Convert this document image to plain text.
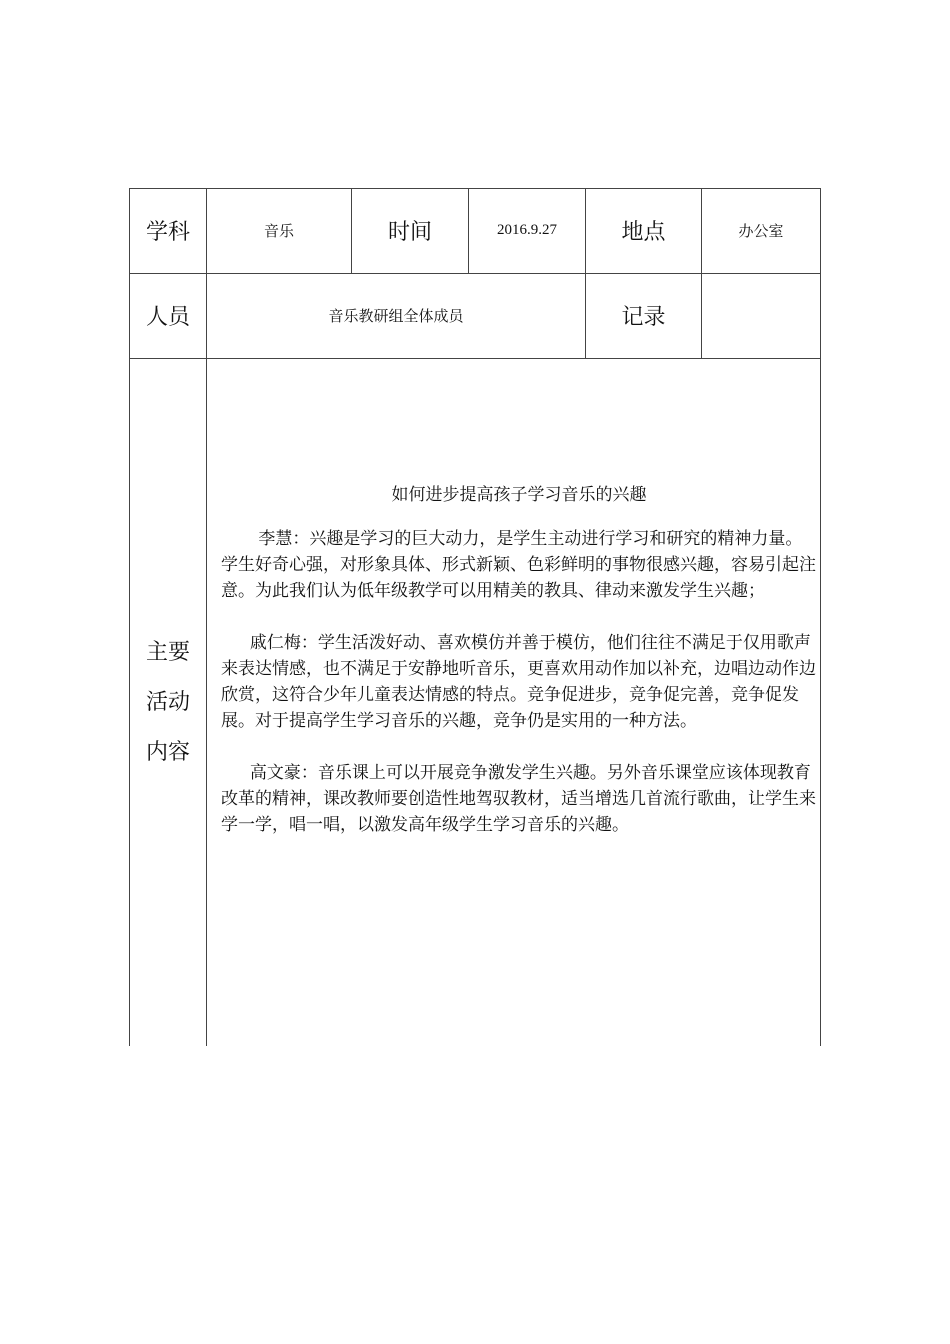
学科	音乐	时间	2016.9.27	地点	办公室
人员	音乐教研组全体成员	记录
主要
活动
内容
如何进步提高孩子学习音乐的兴趣

李慧：兴趣是学习的巨大动力，是学生主动进行学习和研究的精神力量。学生好奇心强，对形象具体、形式新颖、色彩鲜明的事物很感兴趣，容易引起注意。为此我们认为低年级教学可以用精美的教具、律动来激发学生兴趣；

戚仁梅：学生活泼好动、喜欢模仿并善于模仿，他们往往不满足于仅用歌声来表达情感，也不满足于安静地听音乐，更喜欢用动作加以补充，边唱边动作边欣赏，这符合少年儿童表达情感的特点。竞争促进步，竞争促完善，竞争促发展。对于提高学生学习音乐的兴趣，竞争仍是实用的一种方法。

高文豪：音乐课上可以开展竞争激发学生兴趣。另外音乐课堂应该体现教育改革的精神，课改教师要创造性地驾驭教材，适当增选几首流行歌曲，让学生来学一学，唱一唱，以激发高年级学生学习音乐的兴趣。
